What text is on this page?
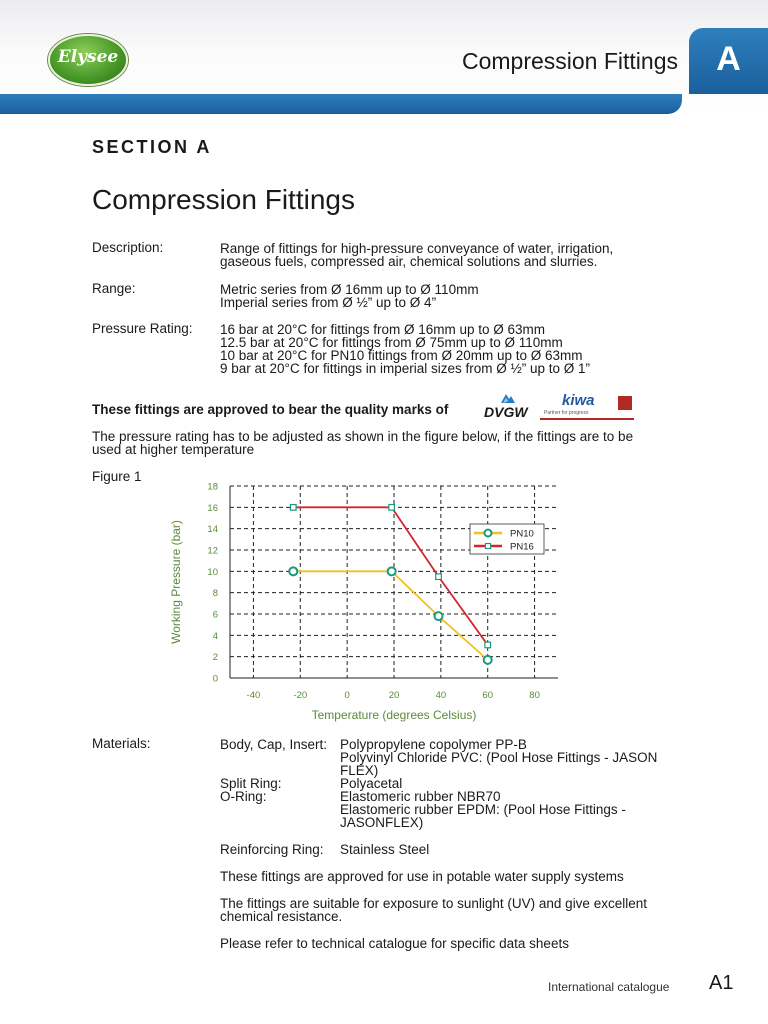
Elysee	Compression Fittings	A
SECTION A
Compression Fittings
Description:	Range of fittings for high-pressure conveyance of water, irrigation,
gaseous fuels, compressed air, chemical solutions and slurries.
Range:	Metric series from Ø 16mm up to Ø 110mm
Imperial series from Ø ½” up to Ø 4”
Pressure Rating: 16 bar at 20°C for fittings from Ø 16mm up to Ø 63mm
12.5 bar at 20°C for fittings from Ø 75mm up to Ø 110mm
10 bar at 20°C for PN10 fittings from Ø 20mm up to Ø 63mm
9 bar at 20°C for fittings in imperial sizes from Ø ½” up to Ø 1”
These fittings are approved to bear the quality marks of	DVGW
kiwa
Partner for progress
The pressure rating has to be adjusted as shown in the figure below, if the fittings are to be
used at higher temperature
Figure 1
0
2
4
6
8
10
12
14
16
18
-40	-20	0	20	40	60	80
PN10
PN16
Temperature (degrees Celsius)
Working Pressure (bar)
Materials:	Body, Cap, Insert: Polypropylene copolymer PP-B
Polyvinyl Chloride PVC: (Pool Hose Fittings - JASON
FLEX)
Split Ring:	Polyacetal
O-Ring:	Elastomeric rubber NBR70
Elastomeric rubber EPDM: (Pool Hose Fittings -
JASONFLEX)
Reinforcing Ring: Stainless Steel
These fittings are approved for use in potable water supply systems
The fittings are suitable for exposure to sunlight (UV) and give excellent
chemical resistance.
Please refer to technical catalogue for specific data sheets
International catalogue A1
